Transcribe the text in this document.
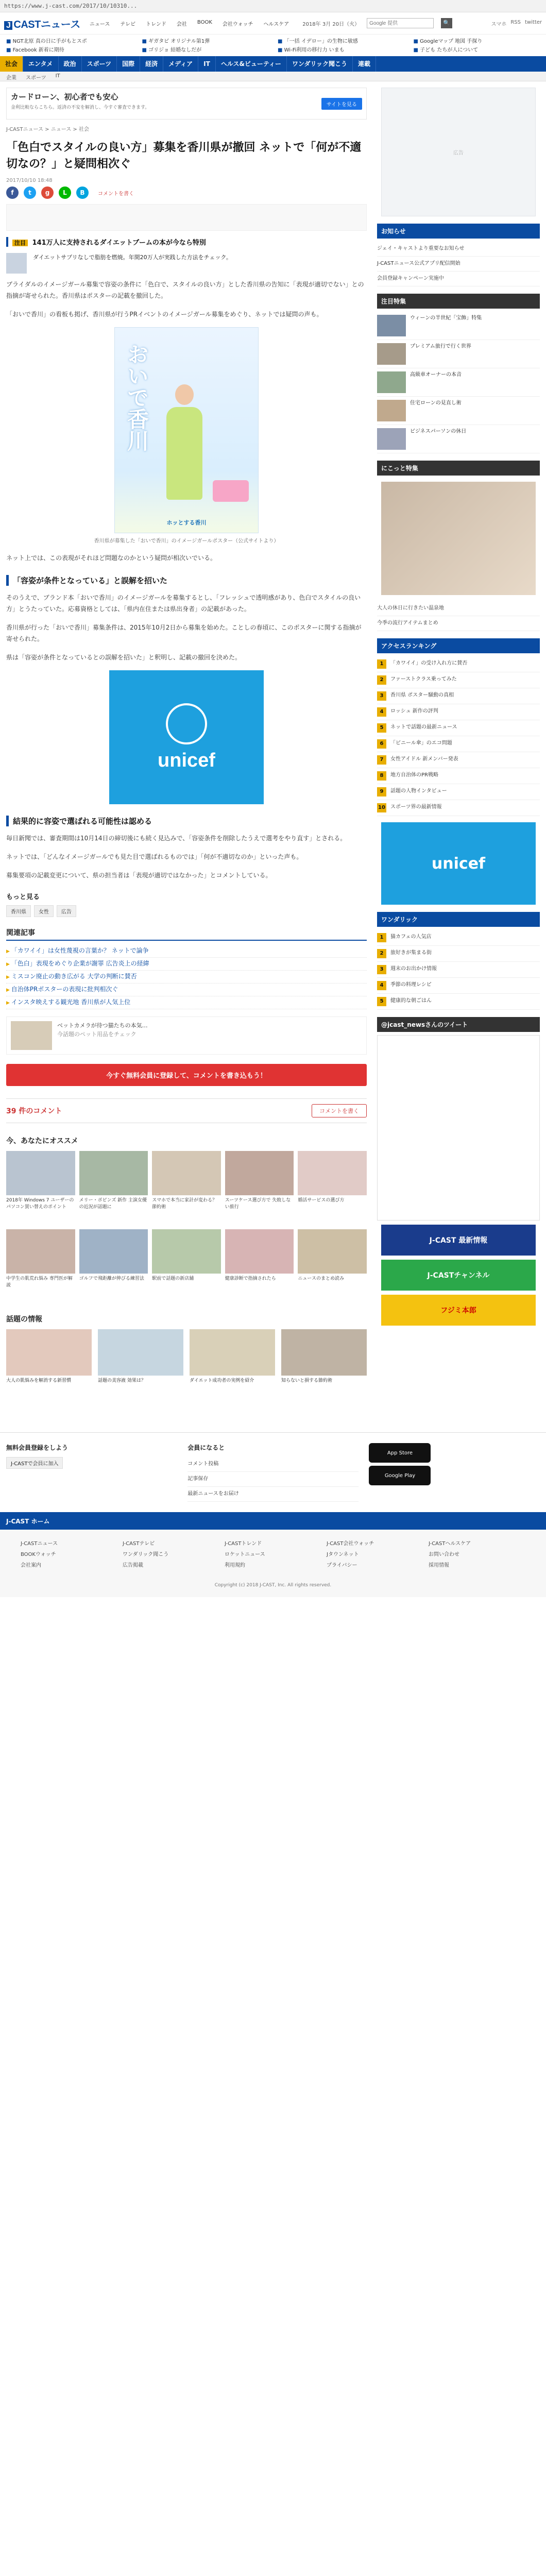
https://www.j-cast.com/2017/10/10310...
J CASTニュース	ニュース	テレビ	トレンド	会社	BOOK	会社ウォッチ	ヘルスケア	2018年 3月 20日（火）
Google 提供	🔍	スマホ RSS twitter
■ NGT北原 真の日に手がもとスポ	■ ギガタビ オリジナル第1弾	■ 「一括 イデロー」の生物に敏感	■ Googleマップ 地図 手探り
■ Facebook 新着に期待	■ ゴリジョ 結婚なしだが	■ Wi-Fi利用の移行力 いまも	■ 子ども たちが人について
社会	エンタメ	政治	スポーツ	国際	経済	メディア	IT	ヘルス&ビューティー	ワンダリック聞こう	連載
企業 スポーツ IT
カードローン、初心者でも安心
金利比較ならこちら。返済の不安を解消し、今すぐ審査できます。
サイトを見る
J-CASTニュース > ニュース > 社会
「色白でスタイルの良い方」募集を香川県が撤回 ネットで「何が不適切なの？」と疑問相次ぐ
2017/10/10 18:48
f	t	g	L	B	コメントを書く
注目 141万人に支持されるダイエットブームの本が今なら特別
ダイエットサプリなしで脂肪を燃焼。年間20万人が実践した方法をチェック。

ブライダルのイメージガール募集で容姿の条件に「色白で、スタイルの良い方」とした香川県の告知に「表現が適切でない」との指摘が寄せられた。香川県はポスターの記載を撤回した。

「おいで香川」の看板も掲げ、香川県が行うPRイベントのイメージガール募集をめぐり、ネットでは疑問の声も。

おいで香川
ホッとする香川
香川県が募集した「おいで香川」のイメージガールポスター（公式サイトより）

ネット上では、この表現がそれほど問題なのかという疑問が相次いでいる。

「容姿が条件となっている」と誤解を招いた

そのうえで、ブランド本「おいで香川」のイメージガールを募集するとし、「フレッシュで透明感があり、色白でスタイルの良い方」とうたっていた。応募資格としては、「県内在住または県出身者」の記載があった。

香川県が行った「おいで香川」募集条件は、2015年10月2日から募集を始めた。ことしの春頃に、このポスターに関する指摘が寄せられた。

県は「容姿が条件となっているとの誤解を招いた」と釈明し、記載の撤回を決めた。

unicef
結果的に容姿で選ばれる可能性は認める

毎日新聞では、審査期間は10月14日の締切後にも続く見込みで、「容姿条件を削除したうえで選考をやり直す」とされる。

ネットでは、「どんなイメージガールでも見た目で選ばれるものでは」「何が不適切なのか」といった声も。

募集要項の記載変更について、県の担当者は「表現が適切ではなかった」とコメントしている。

もっと見る
香川県	女性	広告
関連記事
▶ 「カワイイ」は女性蔑視の言葉か？ ネットで論争
▶ 「色白」表現をめぐり企業が謝罪 広告炎上の経緯
▶ ミスコン廃止の動き広がる 大学の判断に賛否
▶ 自治体PRポスターの表現に批判相次ぐ
▶ インスタ映えする観光地 香川県が人気上位
ベットカメラが待つ猫たちの本気…
今話題のペット用品をチェック
今すぐ無料会員に登録して、コメントを書き込もう！
39 件のコメント	コメントを書く
今、あなたにオススメ
2018年 Windows 7 ユーザーのパソコン買い替えのポイント
メリー・ポピンズ 新作 主演女優の近況が話題に
スマホで本当に家計が変わる？節約術
スーツケース選び方で 失敗しない旅行
婚活サービスの選び方
中学生の肌荒れ悩み 専門医が解説
ゴルフで飛距離が伸びる練習法	駅前で話題の新店舗	健康診断で指摘されたら	ニュースのまとめ読み
話題の情報
大人の肌悩みを解消する新習慣	話題の美容液 効果は？	ダイエット成功者の実例を紹介	知らないと損する節約術
広告
お知らせ
ジェイ・キャストより重要なお知らせ
J-CASTニュース公式アプリ配信開始
会員登録キャンペーン実施中
注目特集
ウィーンの半世紀「宝飾」特集
プレミアム旅行で行く世界
高級車オーナーの本音
住宅ローンの見直し術
ビジネスパーソンの休日
にこっと特集
大人の休日に行きたい温泉地
今季の流行アイテムまとめ
アクセスランキング
1	「カワイイ」の受け入れ方に賛否
2	ファーストクラス乗ってみた
3	香川県 ポスター騒動の真相
4	ロッシュ 新作の評判
5	ネットで話題の最新ニュース
6	「ビニール傘」のエコ問題
7	女性アイドル 新メンバー発表
8	地方自治体のPR戦略
9	話題の人物インタビュー
10 スポーツ界の最新情報
unicef
ワンダリック
1	猫カフェの人気店
2	旅好きが集まる街
3	週末のお出かけ情報
4	季節の料理レシピ
5	健康的な朝ごはん
@jcast_newsさんのツイート
J-CAST 最新情報
J-CASTチャンネル
フジミ本郎
無料会員登録をしよう
J-CASTで会員に加入
会員になると
コメント投稿
記事保存
最新ニュースをお届け
App Store
Google Play
J-CAST ホーム
J-CASTニュース	J-CASTテレビ	J-CASTトレンド	J-CAST会社ウォッチ	J-CASTヘルスケア
BOOKウォッチ	ワンダリック聞こう	ロケットニュース	Jタウンネット	お問い合わせ
会社案内	広告掲載	利用規約	プライバシー	採用情報
Copyright (c) 2018 J-CAST, Inc. All rights reserved.
